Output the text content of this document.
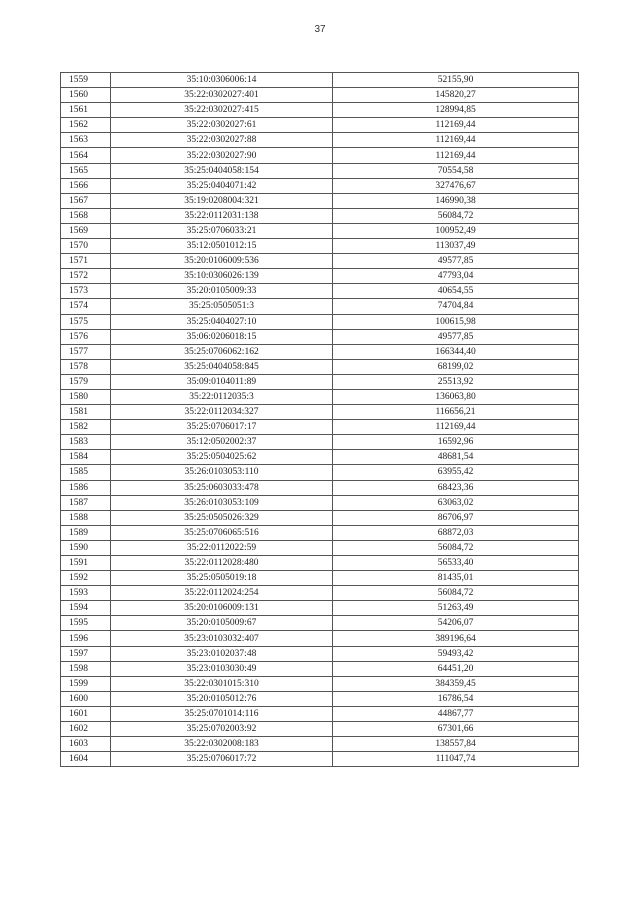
37
1559	35:10:0306006:14	52155,90
1560	35:22:0302027:401	145820,27
1561	35:22:0302027:415	128994,85
1562	35:22:0302027:61	112169,44
1563	35:22:0302027:88	112169,44
1564	35:22:0302027:90	112169,44
1565	35:25:0404058:154	70554,58
1566	35:25:0404071:42	327476,67
1567	35:19:0208004:321	146990,38
1568	35:22:0112031:138	56084,72
1569	35:25:0706033:21	100952,49
1570	35:12:0501012:15	113037,49
1571	35:20:0106009:536	49577,85
1572	35:10:0306026:139	47793,04
1573	35:20:0105009:33	40654,55
1574	35:25:0505051:3	74704,84
1575	35:25:0404027:10	100615,98
1576	35:06:0206018:15	49577,85
1577	35:25:0706062:162	166344,40
1578	35:25:0404058:845	68199,02
1579	35:09:0104011:89	25513,92
1580	35:22:0112035:3	136063,80
1581	35:22:0112034:327	116656,21
1582	35:25:0706017:17	112169,44
1583	35:12:0502002:37	16592,96
1584	35:25:0504025:62	48681,54
1585	35:26:0103053:110	63955,42
1586	35:25:0603033:478	68423,36
1587	35:26:0103053:109	63063,02
1588	35:25:0505026:329	86706,97
1589	35:25:0706065:516	68872,03
1590	35:22:0112022:59	56084,72
1591	35:22:0112028:480	56533,40
1592	35:25:0505019:18	81435,01
1593	35:22:0112024:254	56084,72
1594	35:20:0106009:131	51263,49
1595	35:20:0105009:67	54206,07
1596	35:23:0103032:407	389196,64
1597	35:23:0102037:48	59493,42
1598	35:23:0103030:49	64451,20
1599	35:22:0301015:310	384359,45
1600	35:20:0105012:76	16786,54
1601	35:25:0701014:116	44867,77
1602	35:25:0702003:92	67301,66
1603	35:22:0302008:183	138557,84
1604	35:25:0706017:72	111047,74
